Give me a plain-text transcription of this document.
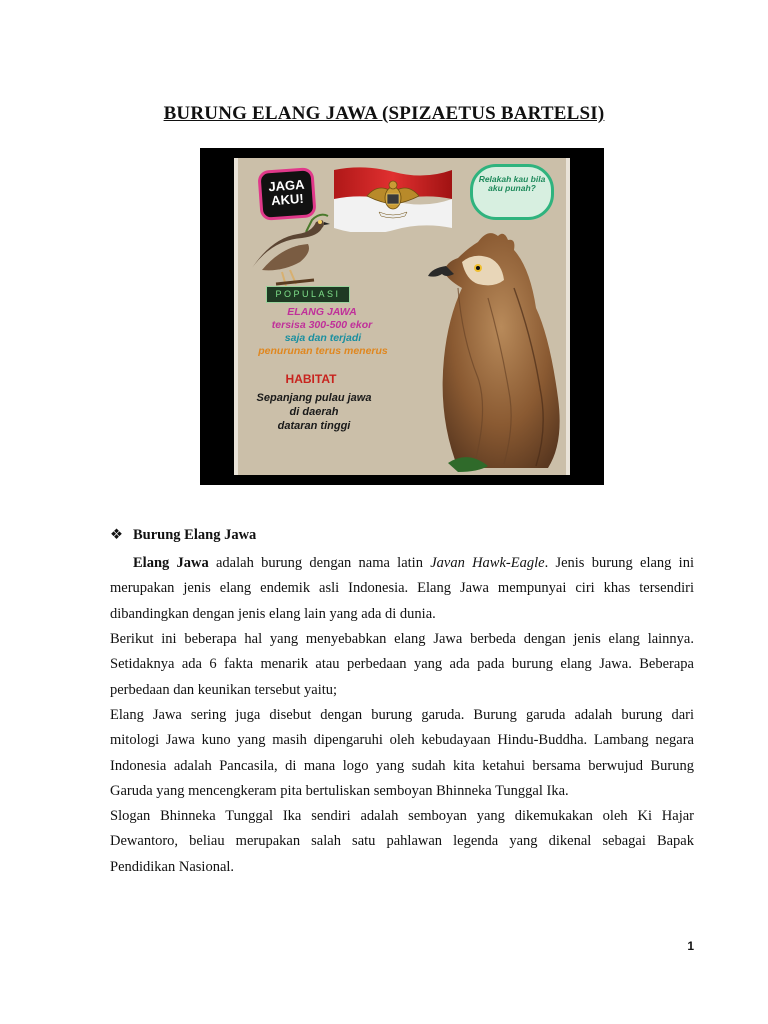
BURUNG ELANG JAWA (SPIZAETUS BARTELSI)
JAGA AKU!
Relakah kau bila aku punah?
POPULASI
ELANG JAWA
tersisa 300-500 ekor
saja dan terjadi
penurunan terus menerus
HABITAT
Sepanjang pulau jawa
di daerah
dataran tinggi
❖ Burung Elang Jawa
Elang Jawa adalah burung dengan nama latin Javan Hawk-Eagle. Jenis burung elang ini
merupakan jenis elang endemik asli Indonesia. Elang Jawa mempunyai ciri khas tersendiri
dibandingkan dengan jenis elang lain yang ada di dunia.
Berikut ini beberapa hal yang menyebabkan elang Jawa berbeda dengan jenis elang lainnya.
Setidaknya ada 6 fakta menarik atau perbedaan yang ada pada burung elang Jawa. Beberapa
perbedaan dan keunikan tersebut yaitu;
Elang Jawa sering juga disebut dengan burung garuda. Burung garuda adalah burung dari
mitologi Jawa kuno yang masih dipengaruhi oleh kebudayaan Hindu-Buddha. Lambang negara
Indonesia adalah Pancasila, di mana logo yang sudah kita ketahui bersama berwujud Burung
Garuda yang mencengkeram pita bertuliskan semboyan Bhinneka Tunggal Ika.
Slogan Bhinneka Tunggal Ika sendiri adalah semboyan yang dikemukakan oleh Ki Hajar
Dewantoro, beliau merupakan salah satu pahlawan legenda yang dikenal sebagai Bapak
Pendidikan Nasional.
1
